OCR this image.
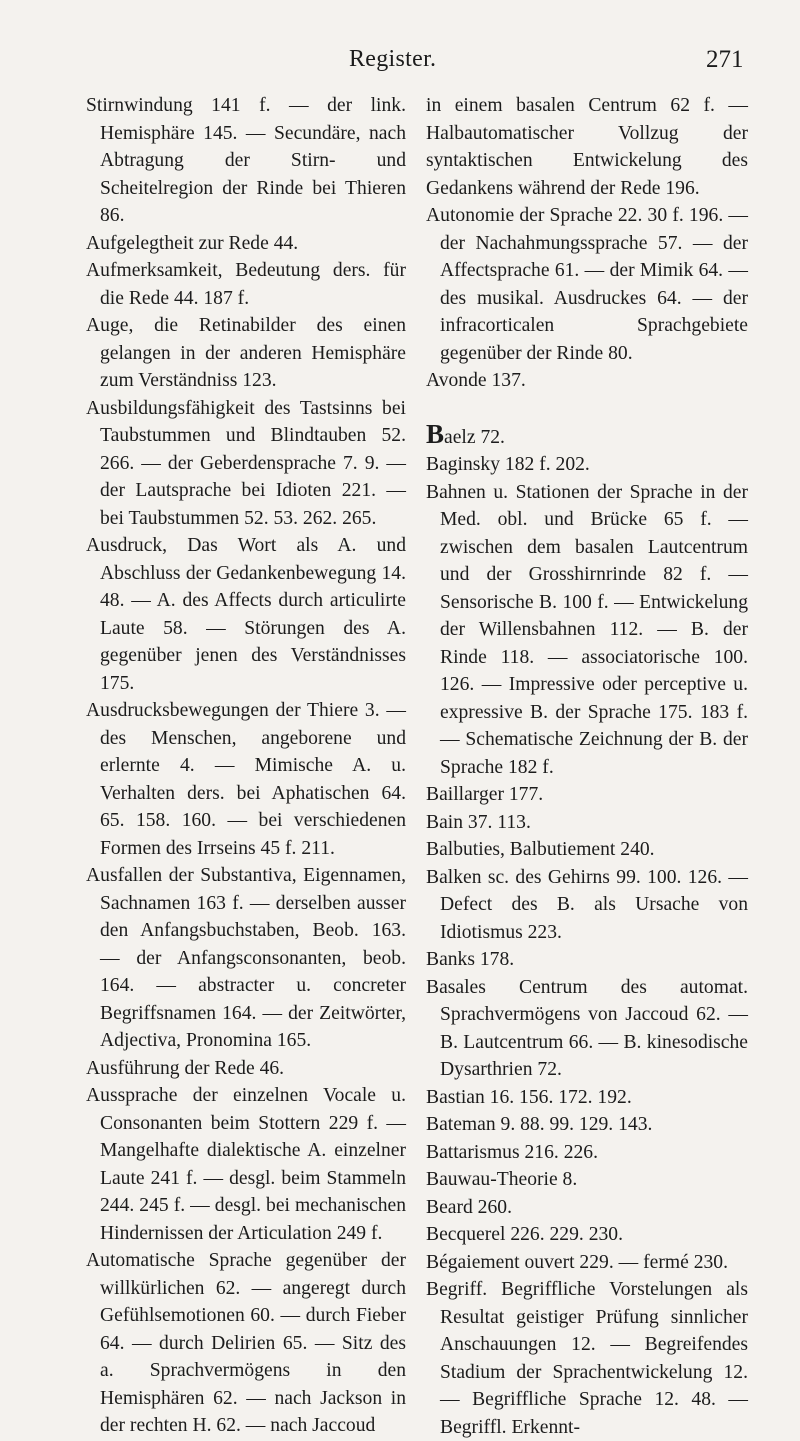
Register.	271

Stirnwindung 141 f. — der link. Hemisphäre 145. — Secundäre, nach Abtragung der Stirn- und Scheitelregion der Rinde bei Thieren 86.

Aufgelegtheit zur Rede 44.

Aufmerksamkeit, Bedeutung ders. für die Rede 44. 187 f.

Auge, die Retinabilder des einen gelangen in der anderen Hemisphäre zum Verständniss 123.

Ausbildungsfähigkeit des Tastsinns bei Taubstummen und Blindtauben 52. 266. — der Geberdensprache 7. 9. — der Lautsprache bei Idioten 221. — bei Taubstummen 52. 53. 262. 265.

Ausdruck, Das Wort als A. und Abschluss der Gedankenbewegung 14. 48. — A. des Affects durch articulirte Laute 58. — Störungen des A. gegenüber jenen des Verständnisses 175.

Ausdrucksbewegungen der Thiere 3. — des Menschen, angeborene und erlernte 4. — Mimische A. u. Verhalten ders. bei Aphatischen 64. 65. 158. 160. — bei verschiedenen Formen des Irrseins 45 f. 211.

Ausfallen der Substantiva, Eigennamen, Sachnamen 163 f. — derselben ausser den Anfangsbuchstaben, Beob. 163. — der Anfangsconsonanten, beob. 164. — abstracter u. concreter Begriffsnamen 164. — der Zeitwörter, Adjectiva, Pronomina 165.

Ausführung der Rede 46.

Aussprache der einzelnen Vocale u. Consonanten beim Stottern 229 f. — Mangelhafte dialektische A. einzelner Laute 241 f. — desgl. beim Stammeln 244. 245 f. — desgl. bei mechanischen Hindernissen der Articulation 249 f.

Automatische Sprache gegenüber der willkürlichen 62. — angeregt durch Gefühlsemotionen 60. — durch Fieber 64. — durch Delirien 65. — Sitz des a. Sprachvermögens in den Hemisphären 62. — nach Jackson in der rechten H. 62. — nach Jaccoud

in einem basalen Centrum 62 f. — Halbautomatischer Vollzug der syntaktischen Entwickelung des Gedankens während der Rede 196.

Autonomie der Sprache 22. 30 f. 196. — der Nachahmungssprache 57. — der Affectsprache 61. — der Mimik 64. — des musikal. Ausdruckes 64. — der infracorticalen Sprachgebiete gegenüber der Rinde 80.

Avonde 137.

Baelz 72.

Baginsky 182 f. 202.

Bahnen u. Stationen der Sprache in der Med. obl. und Brücke 65 f. — zwischen dem basalen Lautcentrum und der Grosshirnrinde 82 f. — Sensorische B. 100 f. — Entwickelung der Willensbahnen 112. — B. der Rinde 118. — associatorische 100. 126. — Impressive oder perceptive u. expressive B. der Sprache 175. 183 f. — Schematische Zeichnung der B. der Sprache 182 f.

Baillarger 177.

Bain 37. 113.

Balbuties, Balbutiement 240.

Balken sc. des Gehirns 99. 100. 126. — Defect des B. als Ursache von Idiotismus 223.

Banks 178.

Basales Centrum des automat. Sprachvermögens von Jaccoud 62. — B. Lautcentrum 66. — B. kinesodische Dysarthrien 72.

Bastian 16. 156. 172. 192.

Bateman 9. 88. 99. 129. 143.

Battarismus 216. 226.

Bauwau-Theorie 8.

Beard 260.

Becquerel 226. 229. 230.

Bégaiement ouvert 229. — fermé 230.

Begriff. Begriffliche Vorstelungen als Resultat geistiger Prüfung sinnlicher Anschauungen 12. — Begreifendes Stadium der Sprachentwickelung 12. — Begriffliche Sprache 12. 48. — Begriffl. Erkennt-
